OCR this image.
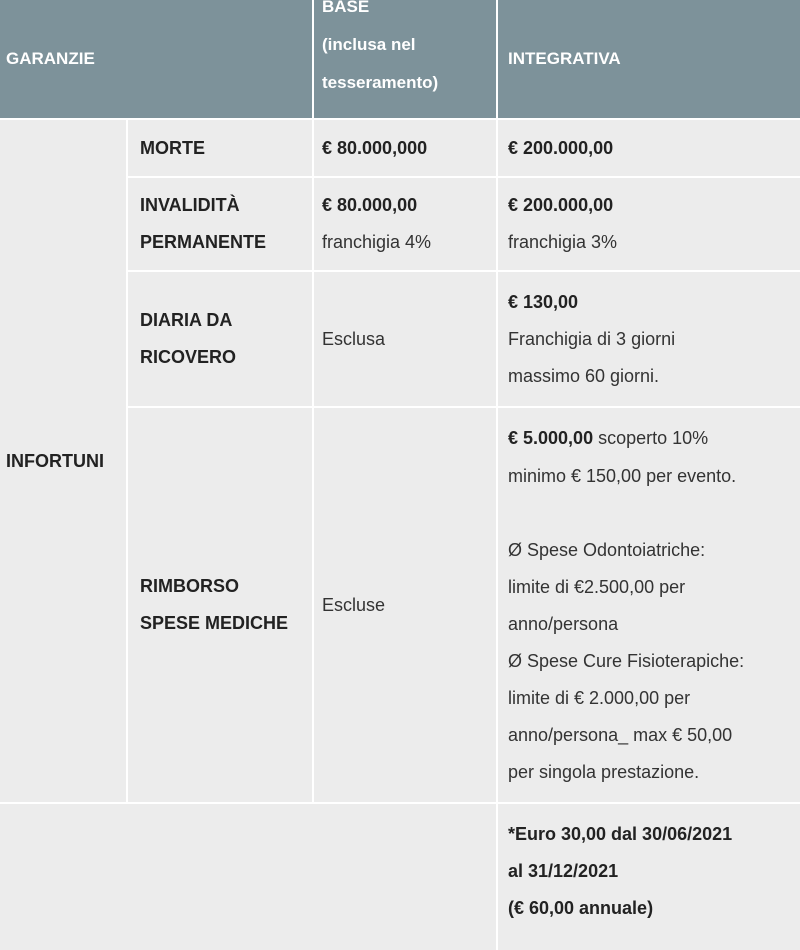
GARANZIE
BASE
(inclusa nel
tesseramento)
INTEGRATIVA
INFORTUNI
MORTE	€ 80.000,000	€ 200.000,00
INVALIDITÀ
PERMANENTE
€ 80.000,00
franchigia 4%
€ 200.000,00
franchigia 3%
DIARIA DA
RICOVERO
Esclusa
€ 130,00
Franchigia di 3 giorni
massimo 60 giorni.
RIMBORSO
SPESE MEDICHE
Escluse
€ 5.000,00 scoperto 10%
minimo € 150,00 per evento.
Ø Spese Odontoiatriche:
limite di €2.500,00 per
anno/persona
Ø Spese Cure Fisioterapiche:
limite di € 2.000,00 per
anno/persona_ max € 50,00
per singola prestazione.
*Euro 30,00 dal 30/06/2021
al 31/12/2021
(€ 60,00 annuale)
